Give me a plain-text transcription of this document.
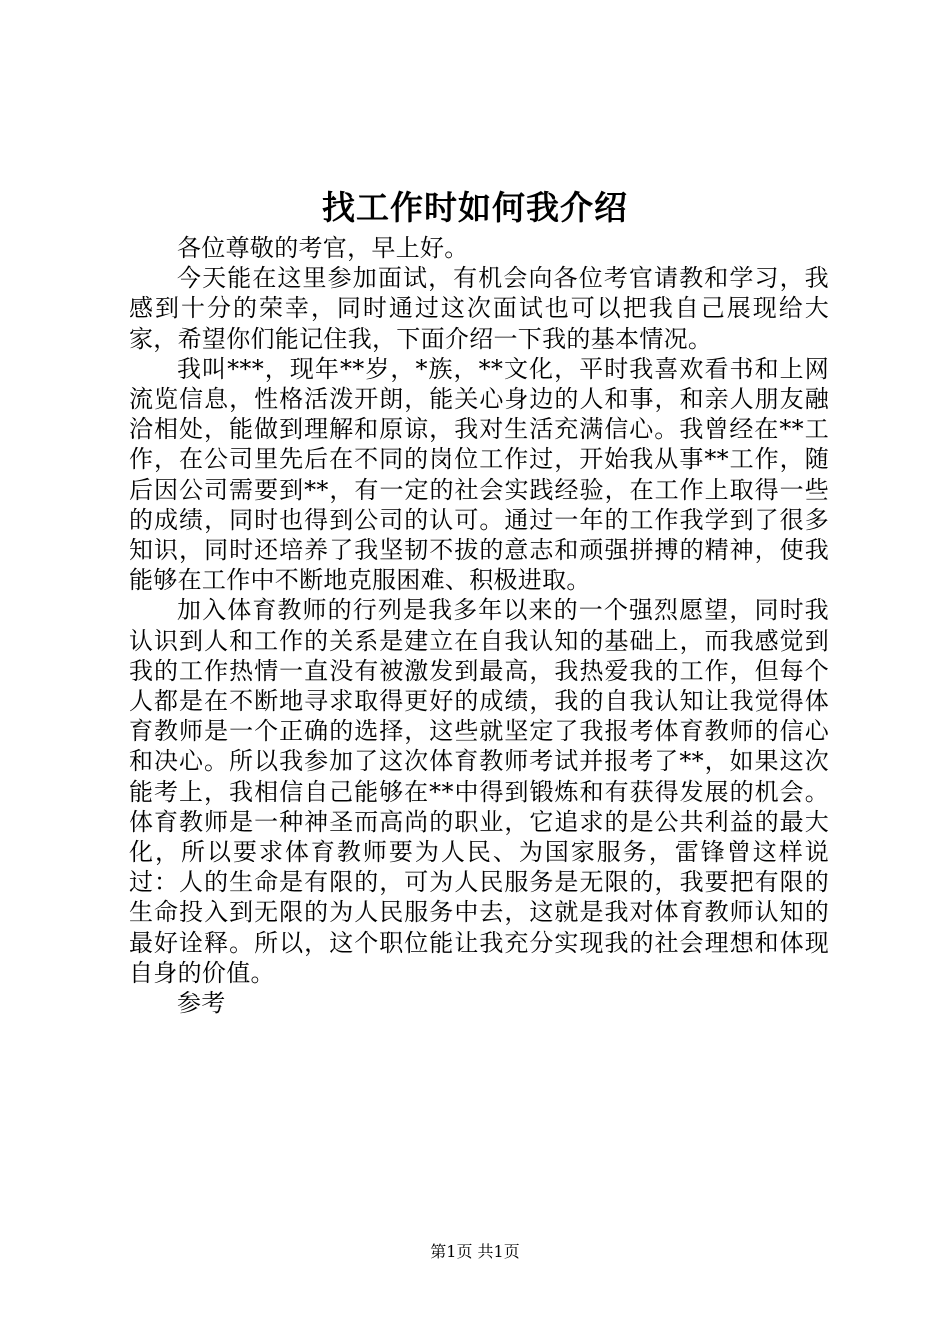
找工作时如何我介绍

各位尊敬的考官，早上好。

今天能在这里参加面试，有机会向各位考官请教和学习，我感到十分的荣幸，同时通过这次面试也可以把我自己展现给大家，希望你们能记住我，下面介绍一下我的基本情况。

我叫***，现年**岁，*族，**文化，平时我喜欢看书和上网流览信息，性格活泼开朗，能关心身边的人和事，和亲人朋友融洽相处，能做到理解和原谅，我对生活充满信心。我曾经在**工作，在公司里先后在不同的岗位工作过，开始我从事**工作，随后因公司需要到**，有一定的社会实践经验，在工作上取得一些的成绩，同时也得到公司的认可。通过一年的工作我学到了很多知识，同时还培养了我坚韧不拔的意志和顽强拼搏的精神，使我能够在工作中不断地克服困难、积极进取。

加入体育教师的行列是我多年以来的一个强烈愿望，同时我认识到人和工作的关系是建立在自我认知的基础上，而我感觉到我的工作热情一直没有被激发到最高，我热爱我的工作，但每个人都是在不断地寻求取得更好的成绩，我的自我认知让我觉得体育教师是一个正确的选择，这些就坚定了我报考体育教师的信心和决心。所以我参加了这次体育教师考试并报考了**，如果这次能考上，我相信自己能够在**中得到锻炼和有获得发展的机会。体育教师是一种神圣而高尚的职业，它追求的是公共利益的最大化，所以要求体育教师要为人民、为国家服务，雷锋曾这样说过：人的生命是有限的，可为人民服务是无限的，我要把有限的生命投入到无限的为人民服务中去，这就是我对体育教师认知的最好诠释。所以，这个职位能让我充分实现我的社会理想和体现自身的价值。

参考

第1页 共1页
